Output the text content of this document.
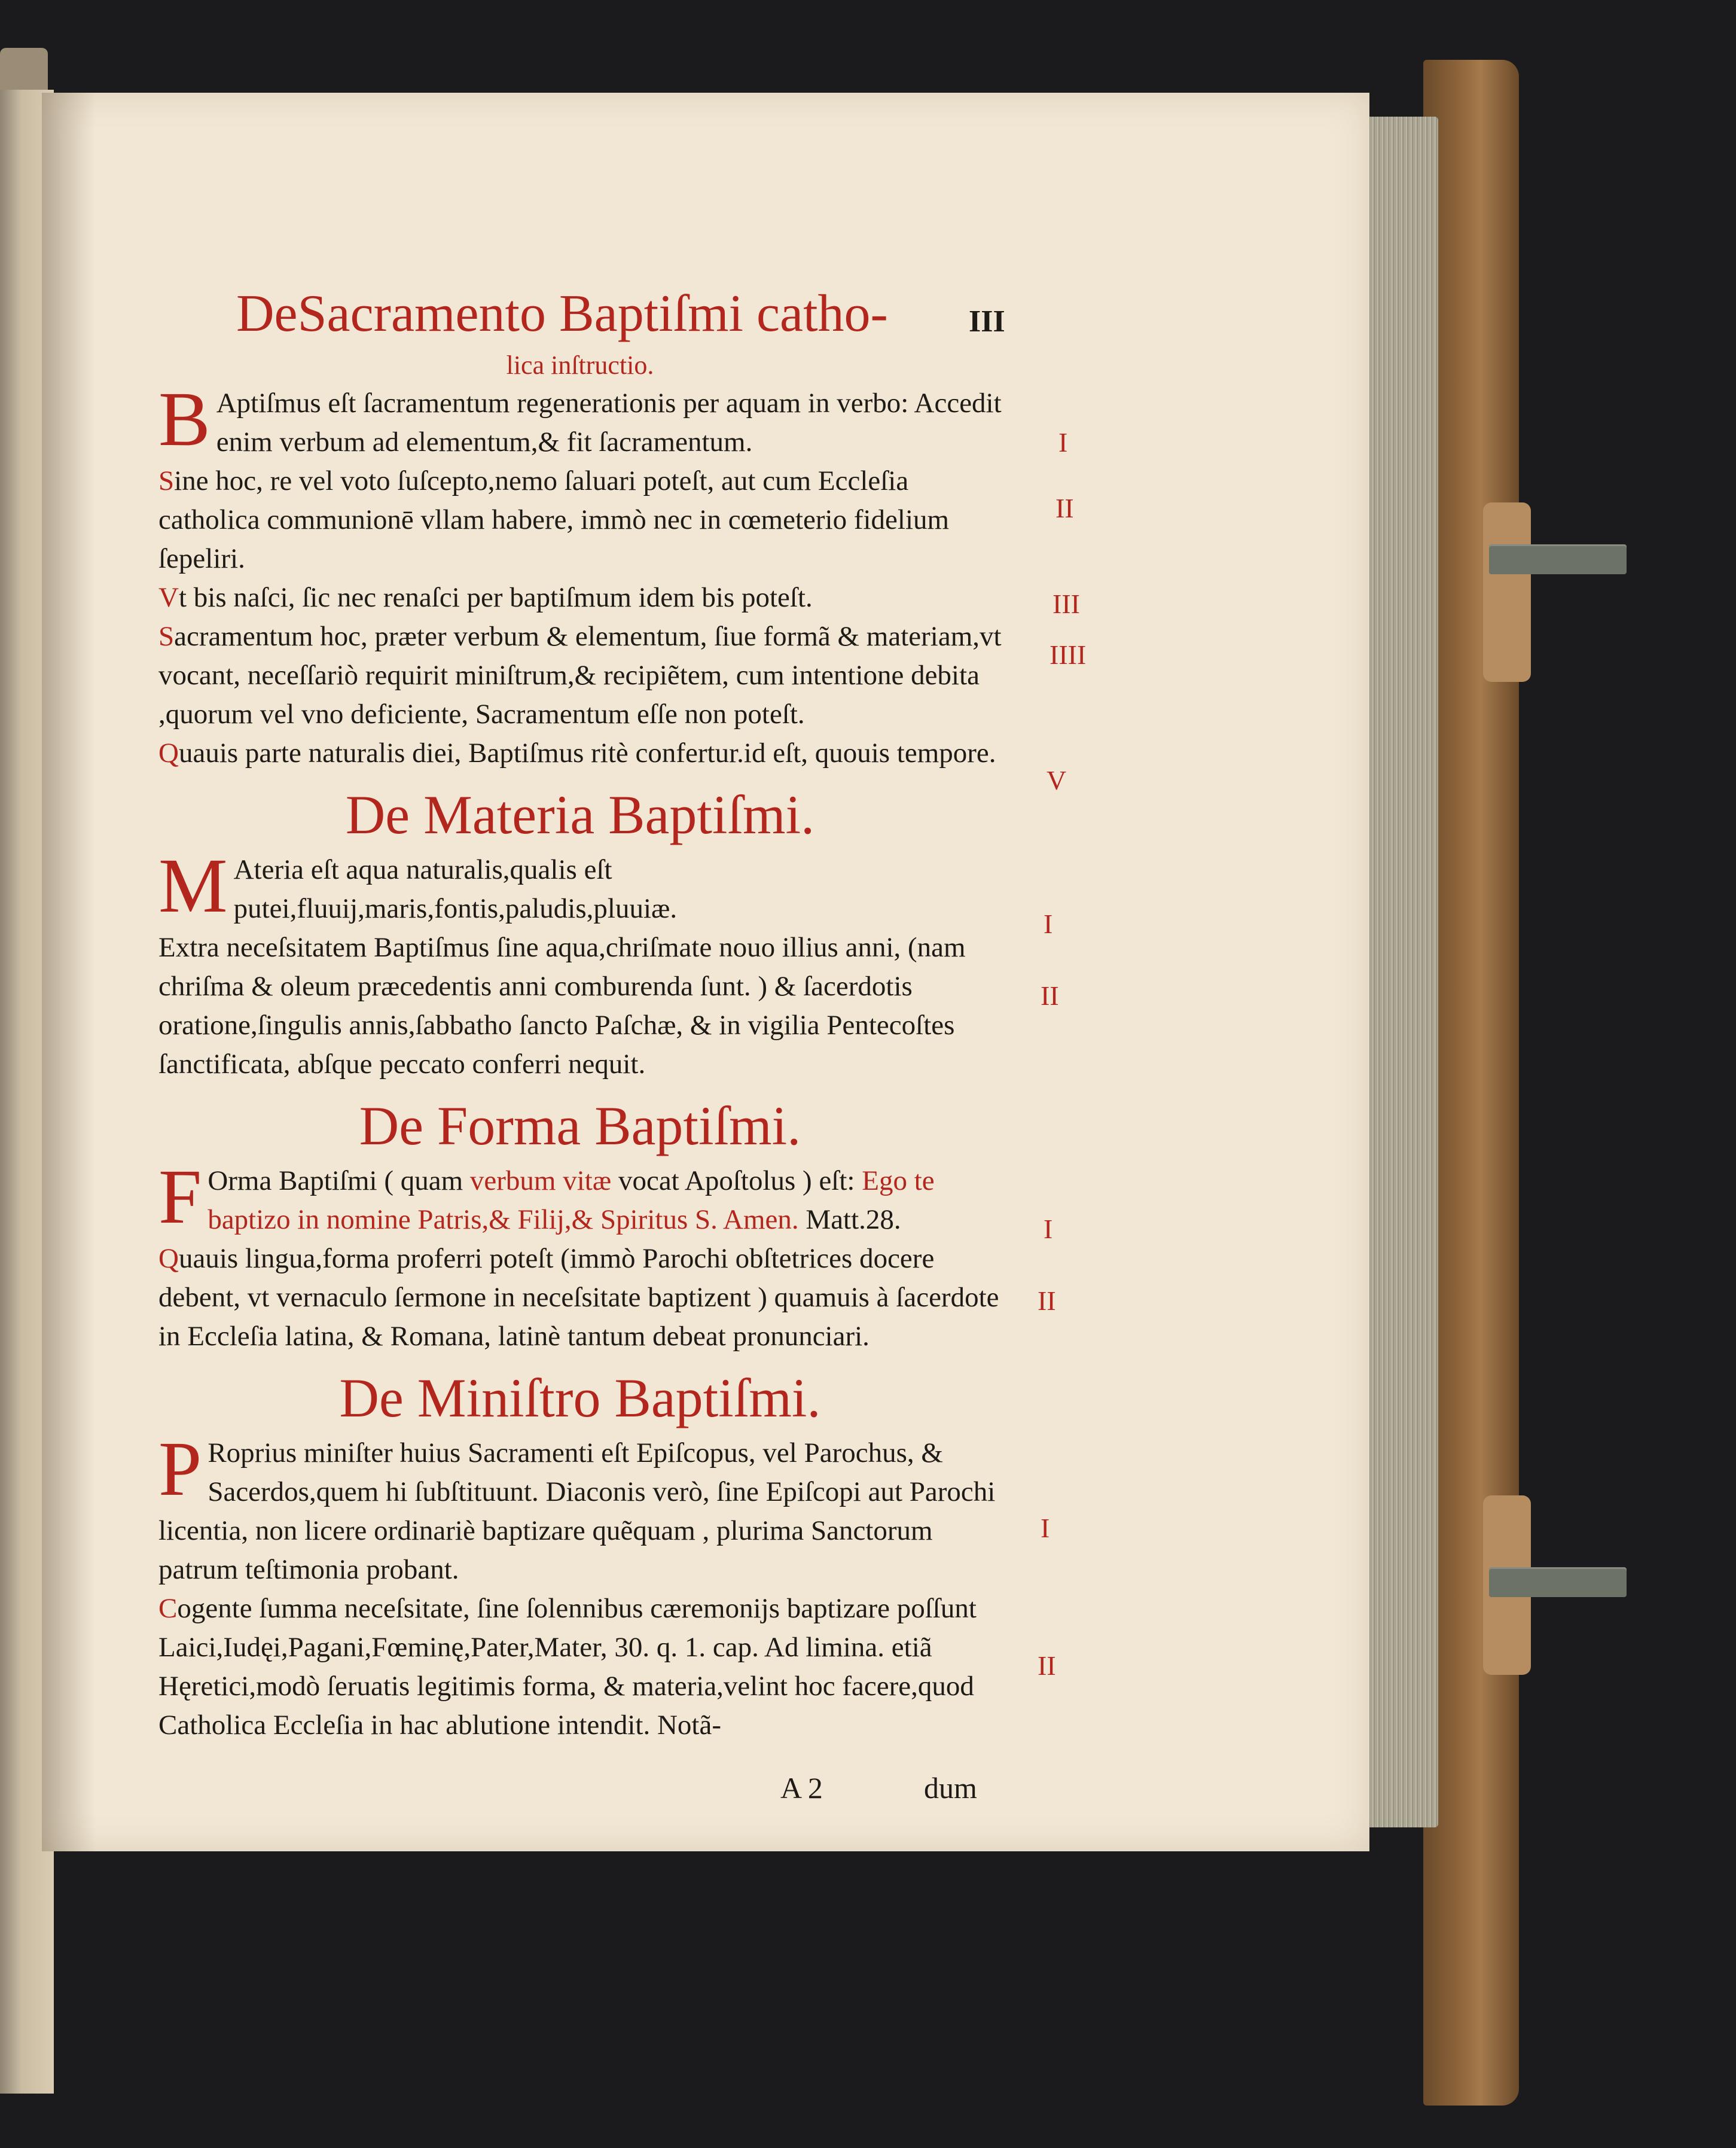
III
DeSacramento Baptiſmi catho-
lica inſtructio.

B Aptiſmus eſt ſacramentum regenerationis per aquam in verbo: Accedit enim verbum ad elementum,& fit ſacramentum.

Sine hoc, re vel voto ſuſcepto,nemo ſaluari poteſt, aut cum Eccleſia catholica communionē vllam habere, immò nec in cœmeterio fidelium ſepeliri.

Vt bis naſci, ſic nec renaſci per baptiſmum idem bis poteſt.

Sacramentum hoc, præter verbum & elementum, ſiue formã & materiam,vt vocant, neceſſariò requirit miniſtrum,& recipiẽtem, cum intentione debita ,quorum vel vno deficiente, Sacramentum eſſe non poteſt.

Quauis parte naturalis diei, Baptiſmus ritè confertur.id eſt, quouis tempore.

De Materia Baptiſmi.

M Ateria eſt aqua naturalis,qualis eſt putei,fluuij,maris,fontis,paludis,pluuiæ.

Extra neceſsitatem Baptiſmus ſine aqua,chriſmate nouo illius anni, (nam chriſma & oleum præcedentis anni comburenda ſunt. ) & ſacerdotis oratione,ſingulis annis,ſabbatho ſancto Paſchæ, & in vigilia Pentecoſtes ſanctificata, abſque peccato conferri nequit.

De Forma Baptiſmi.

F Orma Baptiſmi ( quam verbum vitæ vocat Apoſtolus ) eſt: Ego te baptizo in nomine Patris,& Filij,& Spiritus S. Amen. Matt.28.

Quauis lingua,forma proferri poteſt (immò Parochi obſtetrices docere debent, vt vernaculo ſermone in neceſsitate baptizent ) quamuis à ſacerdote in Eccleſia latina, & Romana, latinè tantum debeat pronunciari.

De Miniſtro Baptiſmi.

P Roprius miniſter huius Sacramenti eſt Epiſcopus, vel Parochus, & Sacerdos,quem hi ſubſtituunt. Diaconis verò, ſine Epiſcopi aut Parochi licentia, non licere ordinariè baptizare quẽquam , plurima Sanctorum patrum teſtimonia probant.

Cogente ſumma neceſsitate, ſine ſolennibus cæremonijs baptizare poſſunt Laici,Iudęi,Pagani,Fœminę,Pater,Mater, 30. q. 1. cap. Ad limina. etiã Hęretici,modò ſeruatis legitimis forma, & materia,velint hoc facere,quod Catholica Eccleſia in hac ablutione intendit. Notã-

I
II
III
IIII
V
I
II
I
II
I
II
A 2	dum
